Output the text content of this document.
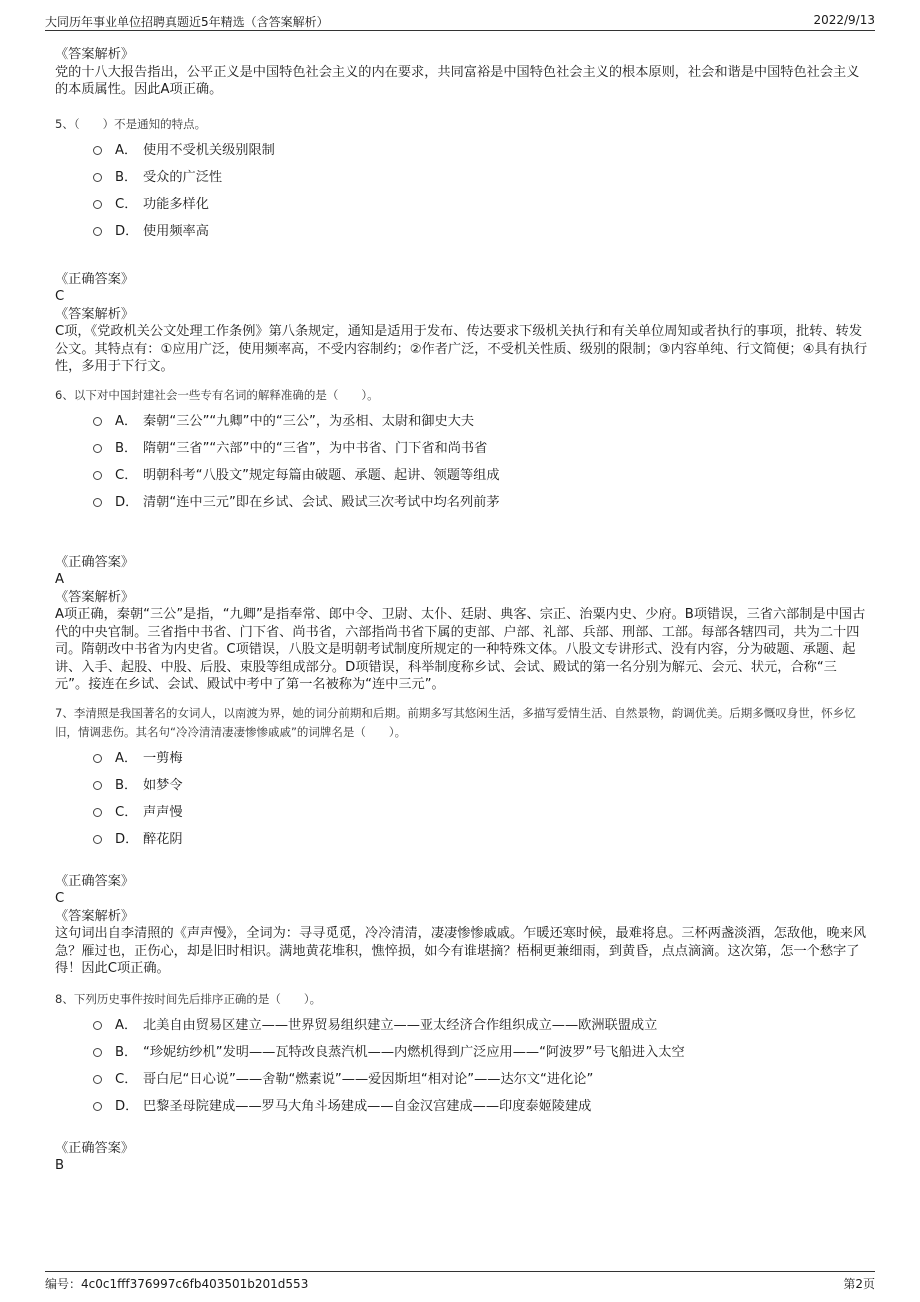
大同历年事业单位招聘真题近5年精选（含答案解析）	2022/9/13

《答案解析》

党的十八大报告指出，公平正义是中国特色社会主义的内在要求，共同富裕是中国特色社会主义的根本原则，社会和谐是中国特色社会主义的本质属性。因此A项正确。

5、（　　）不是通知的特点。

A． 使用不受机关级别限制
B． 受众的广泛性
C． 功能多样化
D． 使用频率高

《正确答案》

C

《答案解析》

C项，《党政机关公文处理工作条例》第八条规定，通知是适用于发布、传达要求下级机关执行和有关单位周知或者执行的事项，批转、转发公文。其特点有：①应用广泛，使用频率高，不受内容制约；②作者广泛，不受机关性质、级别的限制；③内容单纯、行文简便；④具有执行性，多用于下行文。

6、以下对中国封建社会一些专有名词的解释准确的是（　　）。

A． 秦朝“三公”“九卿”中的“三公”，为丞相、太尉和御史大夫
B． 隋朝“三省”“六部”中的“三省”，为中书省、门下省和尚书省
C． 明朝科考“八股文”规定每篇由破题、承题、起讲、领题等组成
D． 清朝“连中三元”即在乡试、会试、殿试三次考试中均名列前茅

《正确答案》

A

《答案解析》

A项正确，秦朝“三公”是指，“九卿”是指奉常、郎中令、卫尉、太仆、廷尉、典客、宗正、治粟内史、少府。B项错误，三省六部制是中国古代的中央官制。三省指中书省、门下省、尚书省，六部指尚书省下属的吏部、户部、礼部、兵部、刑部、工部。每部各辖四司，共为二十四司。隋朝改中书省为内史省。C项错误，八股文是明朝考试制度所规定的一种特殊文体。八股文专讲形式、没有内容，分为破题、承题、起讲、入手、起股、中股、后股、束股等组成部分。D项错误，科举制度称乡试、会试、殿试的第一名分别为解元、会元、状元，合称“三元”。接连在乡试、会试、殿试中考中了第一名被称为“连中三元”。

7、李清照是我国著名的女词人，以南渡为界，她的词分前期和后期。前期多写其悠闲生活，多描写爱情生活、自然景物，韵调优美。后期多慨叹身世，怀乡忆旧，情调悲伤。其名句“冷冷清清凄凄惨惨戚戚”的词牌名是（　　）。

A． 一剪梅
B． 如梦令
C． 声声慢
D． 醉花阴

《正确答案》

C

《答案解析》

这句词出自李清照的《声声慢》，全词为：寻寻觅觅，冷冷清清，凄凄惨惨戚戚。乍暖还寒时候，最难将息。三杯两盏淡酒，怎敌他，晚来风急？雁过也，正伤心，却是旧时相识。满地黄花堆积，憔悴损，如今有谁堪摘？梧桐更兼细雨，到黄昏，点点滴滴。这次第，怎一个愁字了得！因此C项正确。

8、下列历史事件按时间先后排序正确的是（　　）。

A． 北美自由贸易区建立——世界贸易组织建立——亚太经济合作组织成立——欧洲联盟成立
B． “珍妮纺纱机”发明——瓦特改良蒸汽机——内燃机得到广泛应用——“阿波罗”号飞船进入太空
C． 哥白尼“日心说”——舍勒“燃素说”——爱因斯坦“相对论”——达尔文“进化论”
D． 巴黎圣母院建成——罗马大角斗场建成——自金汉宫建成——印度泰姬陵建成

《正确答案》

B

编号：4c0c1fff376997c6fb403501b201d553	第2页
